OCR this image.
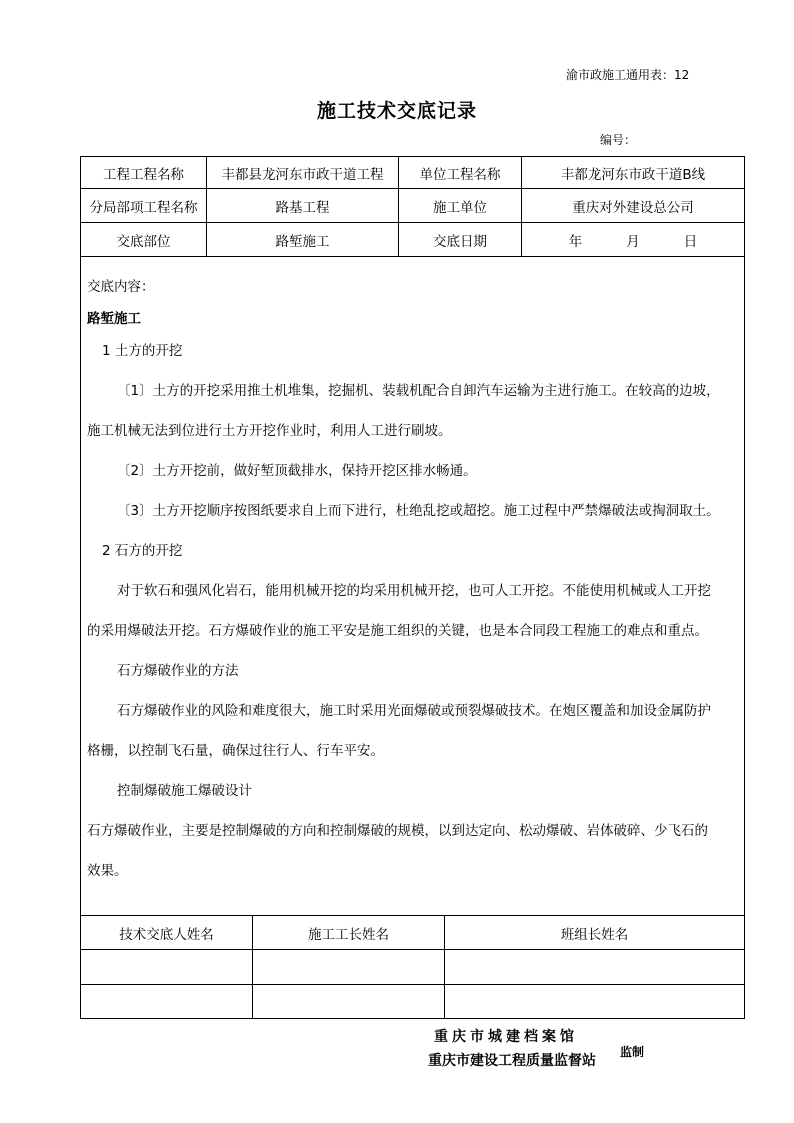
渝市政施工通用表：12
施工技术交底记录
编号：
工程工程名称	丰都县龙河东市政干道工程	单位工程名称	丰都龙河东市政干道B线
分局部项工程名称	路基工程	施工单位	重庆对外建设总公司
交底部位	路堑施工	交底日期	年	月	日

交底内容：

路堑施工

1 土方的开挖

〔1〕土方的开挖采用推土机堆集，挖掘机、装载机配合自卸汽车运输为主进行施工。在较高的边坡，

施工机械无法到位进行土方开挖作业时，利用人工进行刷坡。

〔2〕土方开挖前，做好堑顶截排水，保持开挖区排水畅通。

〔3〕土方开挖顺序按图纸要求自上而下进行，杜绝乱挖或超挖。施工过程中严禁爆破法或掏洞取土。

2 石方的开挖

对于软石和强风化岩石，能用机械开挖的均采用机械开挖，也可人工开挖。不能使用机械或人工开挖

的采用爆破法开挖。石方爆破作业的施工平安是施工组织的关键，也是本合同段工程施工的难点和重点。

石方爆破作业的方法

石方爆破作业的风险和难度很大，施工时采用光面爆破或预裂爆破技术。在炮区覆盖和加设金属防护

格栅，以控制飞石量，确保过往行人、行车平安。

控制爆破施工爆破设计

石方爆破作业，主要是控制爆破的方向和控制爆破的规模，以到达定向、松动爆破、岩体破碎、少飞石的

效果。

技术交底人姓名	施工工长姓名	班组长姓名
重庆市城建档案馆
重庆市建设工程质量监督站
监制
